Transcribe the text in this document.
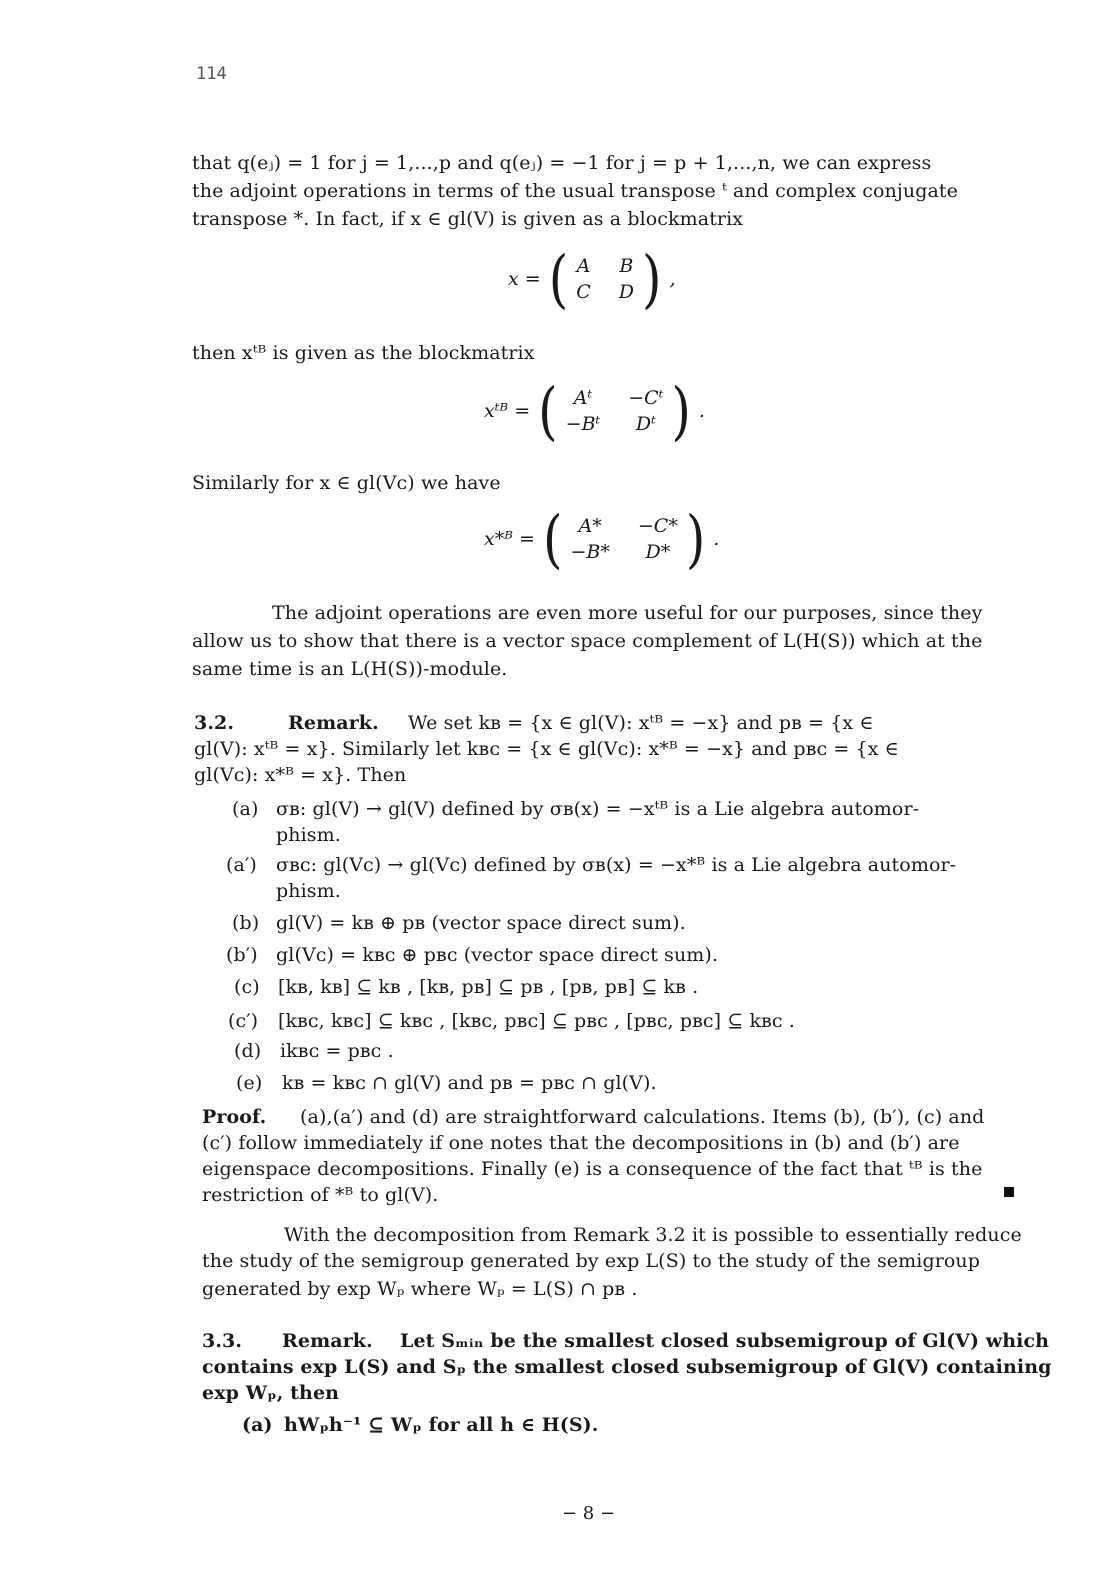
114
that q(eⱼ) = 1 for j = 1,...,p and q(eⱼ) = −1 for j = p + 1,...,n, we can express
the adjoint operations in terms of the usual transpose ᵗ and complex conjugate
transpose *. In fact, if x ∈ gl(V) is given as a blockmatrix
x = ( A B
C D ) ,
then xᵗᴮ is given as the blockmatrix
xᵗᴮ = ( Aᵗ	−Cᵗ
−Bᵗ	Dᵗ ) .
Similarly for x ∈ gl(Vᴄ) we have
x*ᴮ = ( A*	−C*
−B*	D* ) .
The adjoint operations are even more useful for our purposes, since they
allow us to show that there is a vector space complement of L(H(S)) which at the
same time is an L(H(S))-module.
3.2.	Remark. We set kʙ = {x ∈ gl(V): xᵗᴮ = −x} and pʙ = {x ∈
gl(V): xᵗᴮ = x}. Similarly let kʙᴄ = {x ∈ gl(Vᴄ): x*ᴮ = −x} and pʙᴄ = {x ∈
gl(Vᴄ): x*ᴮ = x}. Then
(a) σʙ: gl(V) → gl(V) defined by σʙ(x) = −xᵗᴮ is a Lie algebra automor-
phism.
(a′) σʙᴄ: gl(Vᴄ) → gl(Vᴄ) defined by σʙ(x) = −x*ᴮ is a Lie algebra automor-
phism.
(b) gl(V) = kʙ ⊕ pʙ (vector space direct sum).
(b′) gl(Vᴄ) = kʙᴄ ⊕ pʙᴄ (vector space direct sum).
(c) [kʙ, kʙ] ⊆ kʙ , [kʙ, pʙ] ⊆ pʙ , [pʙ, pʙ] ⊆ kʙ .
(c′) [kʙᴄ, kʙᴄ] ⊆ kʙᴄ , [kʙᴄ, pʙᴄ] ⊆ pʙᴄ , [pʙᴄ, pʙᴄ] ⊆ kʙᴄ .
(d) ikʙᴄ = pʙᴄ .
(e) kʙ = kʙᴄ ∩ gl(V) and pʙ = pʙᴄ ∩ gl(V).
Proof. (a),(a′) and (d) are straightforward calculations. Items (b), (b′), (c) and
(c′) follow immediately if one notes that the decompositions in (b) and (b′) are
eigenspace decompositions. Finally (e) is a consequence of the fact that ᵗᴮ is the
restriction of *ᴮ to gl(V).
With the decomposition from Remark 3.2 it is possible to essentially reduce
the study of the semigroup generated by exp L(S) to the study of the semigroup
generated by exp Wₚ where Wₚ = L(S) ∩ pʙ .
3.3. Remark. Let Sₘᵢₙ be the smallest closed subsemigroup of Gl(V) which
contains exp L(S) and Sₚ the smallest closed subsemigroup of Gl(V) containing
exp Wₚ, then
(a) hWₚh⁻¹ ⊆ Wₚ for all h ∈ H(S).
− 8 −
